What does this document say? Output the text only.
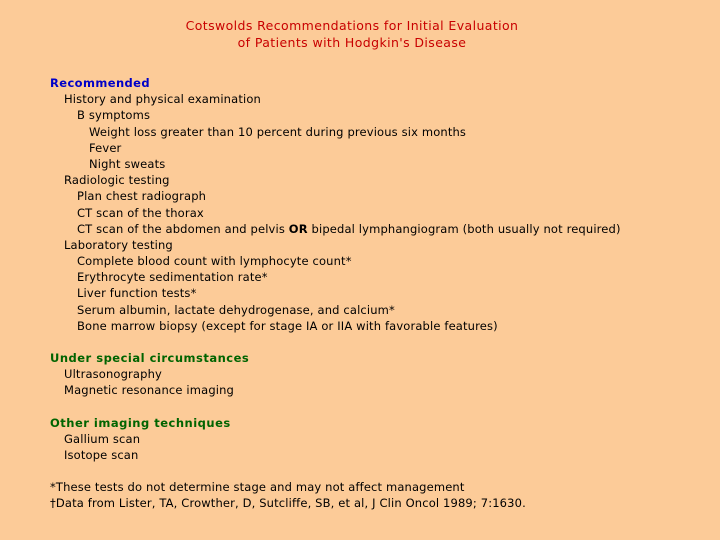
Cotswolds Recommendations for Initial Evaluation
of Patients with Hodgkin's Disease
Recommended
History and physical examination
B symptoms
Weight loss greater than 10 percent during previous six months
Fever
Night sweats
Radiologic testing
Plan chest radiograph
CT scan of the thorax
CT scan of the abdomen and pelvis OR bipedal lymphangiogram (both usually not required)
Laboratory testing
Complete blood count with lymphocyte count*
Erythrocyte sedimentation rate*
Liver function tests*
Serum albumin, lactate dehydrogenase, and calcium*
Bone marrow biopsy (except for stage IA or IIA with favorable features)
Under special circumstances
Ultrasonography
Magnetic resonance imaging
Other imaging techniques
Gallium scan
Isotope scan
*These tests do not determine stage and may not affect management
†Data from Lister, TA, Crowther, D, Sutcliffe, SB, et al, J Clin Oncol 1989; 7:1630.
